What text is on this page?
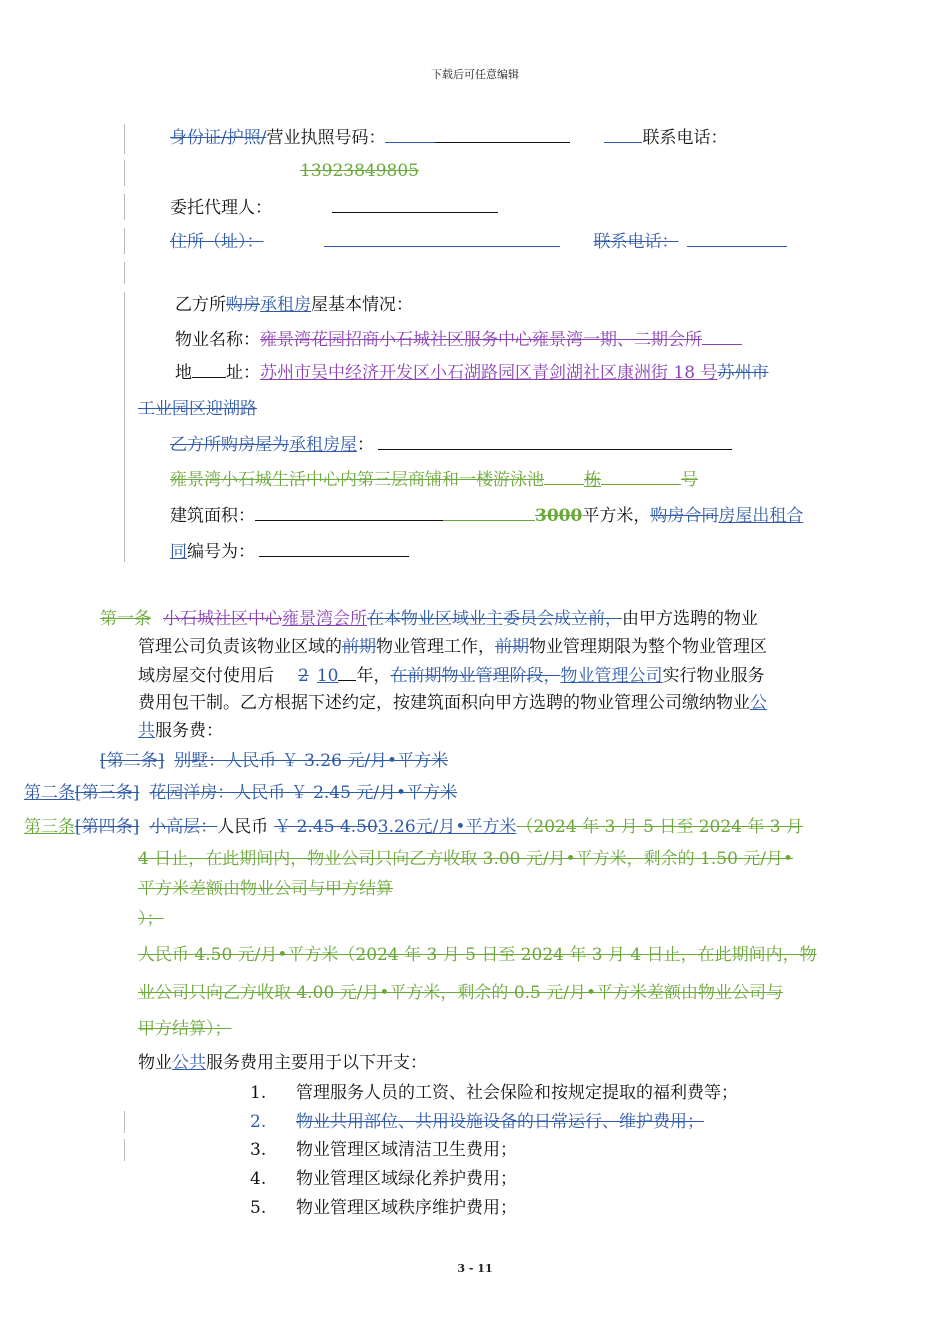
下载后可任意编辑
身份证/护照/营业执照号码：	联系电话：
13923849805
委托代理人：
住所（址）：	联系电话：
乙方所购房承租房屋基本情况：
物业名称：雍景湾花园招商小石城社区服务中心雍景湾一期、二期会所
地 址：苏州市吴中经济开发区小石湖路园区青剑湖社区康洲街 18 号苏州市
工业园区迎湖路
乙方所购房屋为承租房屋：
雍景湾小石城生活中心内第三层商铺和一楼游泳池 栋	号
建筑面积：	3000平方米，购房合同房屋出租合
同编号为：
第一条 小石城社区中心雍景湾会所在本物业区域业主委员会成立前，由甲方选聘的物业
管理公司负责该物业区域的前期物业管理工作，前期物业管理期限为整个物业管理区
域房屋交付使用后 2 10 年，在前期物业管理阶段，物业管理公司实行物业服务
费用包干制。乙方根据下述约定，按建筑面积向甲方选聘的物业管理公司缴纳物业公
共服务费：
[第二条] 别墅：人民币 ￥ 3.26 元/月•平方米
第二条[第三条] 花园洋房：人民币 ￥ 2.45 元/月•平方米
第三条[第四条] 小高层：人民币 ￥ 2.45 4.503.26元/月•平方米（2024 年 3 月 5 日至 2024 年 3 月
4 日止，在此期间内，物业公司只向乙方收取 3.00 元/月•平方米，剩余的 1.50 元/月•
平方米差额由物业公司与甲方结算
）；
人民币 4.50 元/月•平方米（2024 年 3 月 5 日至 2024 年 3 月 4 日止，在此期间内，物
业公司只向乙方收取 4.00 元/月•平方米，剩余的 0.5 元/月•平方米差额由物业公司与
甲方结算）；
物业公共服务费用主要用于以下开支：
1. 管理服务人员的工资、社会保险和按规定提取的福利费等；
2. 物业共用部位、共用设施设备的日常运行、维护费用；
3. 物业管理区域清洁卫生费用；
4. 物业管理区域绿化养护费用；
5. 物业管理区域秩序维护费用；
3 - 11
